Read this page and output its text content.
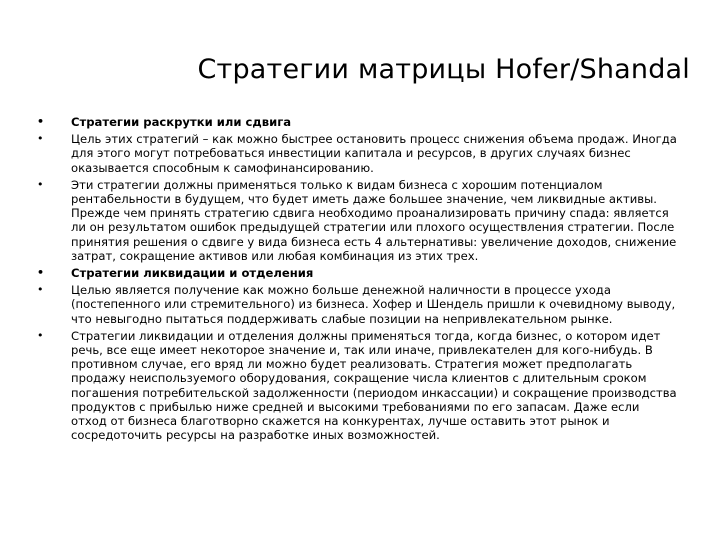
Стратегии матрицы Hofer/Shandal
• Стратегии раскрутки или сдвига
• Цель этих стратегий – как можно быстрее остановить процесс снижения объема продаж. Иногда для этого могут потребоваться инвестиции капитала и ресурсов, в других случаях бизнес оказывается способным к самофинансированию.
• Эти стратегии должны применяться только к видам бизнеса с хорошим потенциалом рентабельности в будущем, что будет иметь даже большее значение, чем ликвидные активы. Прежде чем принять стратегию сдвига необходимо проанализировать причину спада: является ли он результатом ошибок предыдущей стратегии или плохого осуществления стратегии. После принятия решения о сдвиге у вида бизнеса есть 4 альтернативы: увеличение доходов, снижение затрат, сокращение активов или любая комбинация из этих трех.
• Стратегии ликвидации и отделения
• Целью является получение как можно больше денежной наличности в процессе ухода (постепенного или стремительного) из бизнеса. Хофер и Шендель пришли к очевидному выводу, что невыгодно пытаться поддерживать слабые позиции на непривлекательном рынке.
• Стратегии ликвидации и отделения должны применяться тогда, когда бизнес, о котором идет речь, все еще имеет некоторое значение и, так или иначе, привлекателен для кого-нибудь. В противном случае, его вряд ли можно будет реализовать. Стратегия может предполагать продажу неиспользуемого оборудования, сокращение числа клиентов с длительным сроком погашения потребительской задолженности (периодом инкассации) и сокращение производства продуктов с прибылью ниже средней и высокими требованиями по его запасам. Даже если отход от бизнеса благотворно скажется на конкурентах, лучше оставить этот рынок и сосредоточить ресурсы на разработке иных возможностей.
